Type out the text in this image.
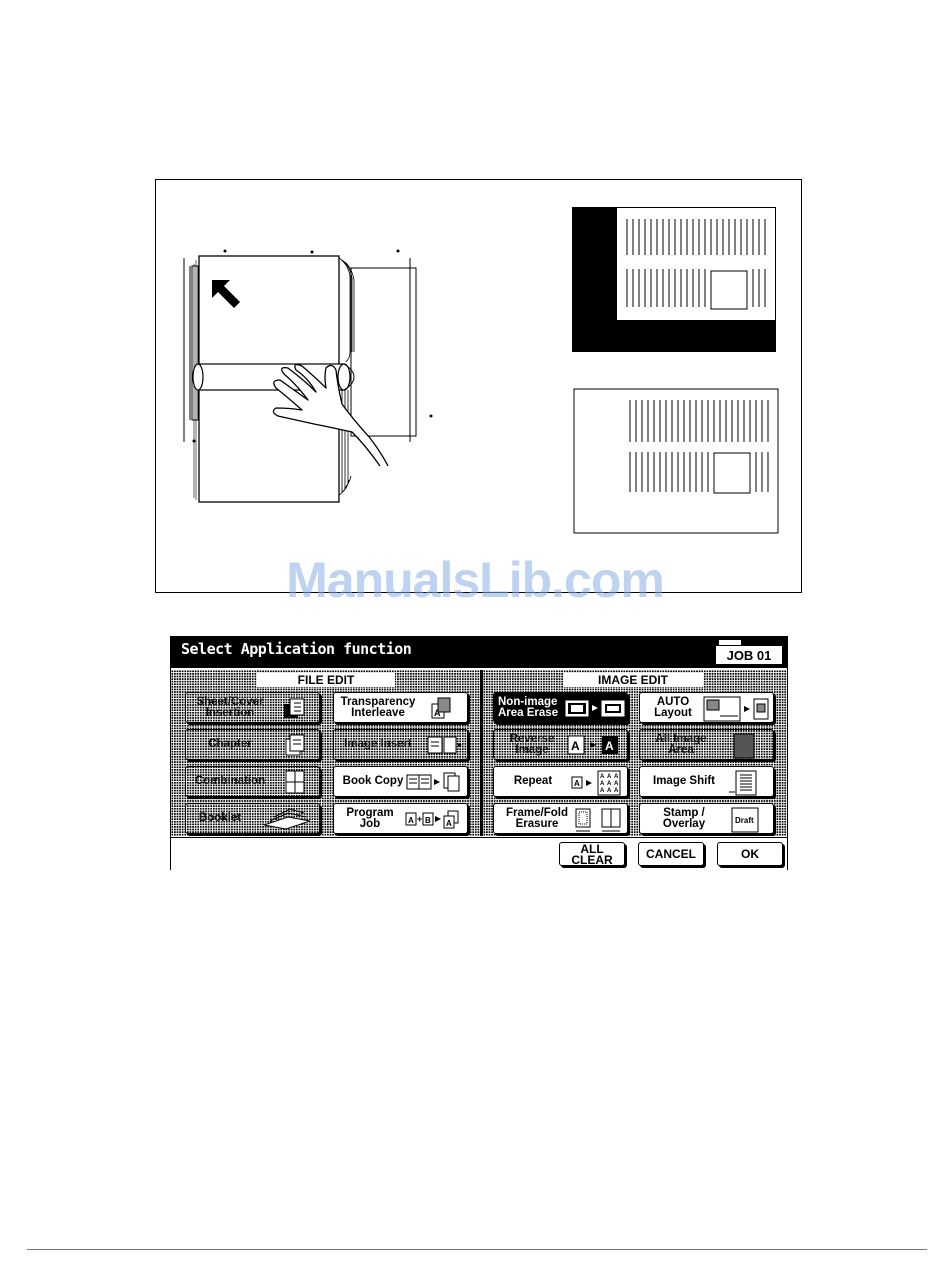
ManualsLib.com
Select Application function	JOB 01
FILE EDIT
Sheet/Cover
Insertion
Transparency
Interleave	A
Chapter	Image Insert
Combination	Book Copy
Booklet	Program
Job	A + B A
IMAGE EDIT
Non-image
Area Erase
AUTO
Layout
Reverse
Image	A A	All Image
Area
Repeat	A
A A A
A A A
A A A
Image Shift
Frame/Fold
Erasure
Stamp /
Overlay	Draft
ALL
CLEAR	CANCEL	OK
